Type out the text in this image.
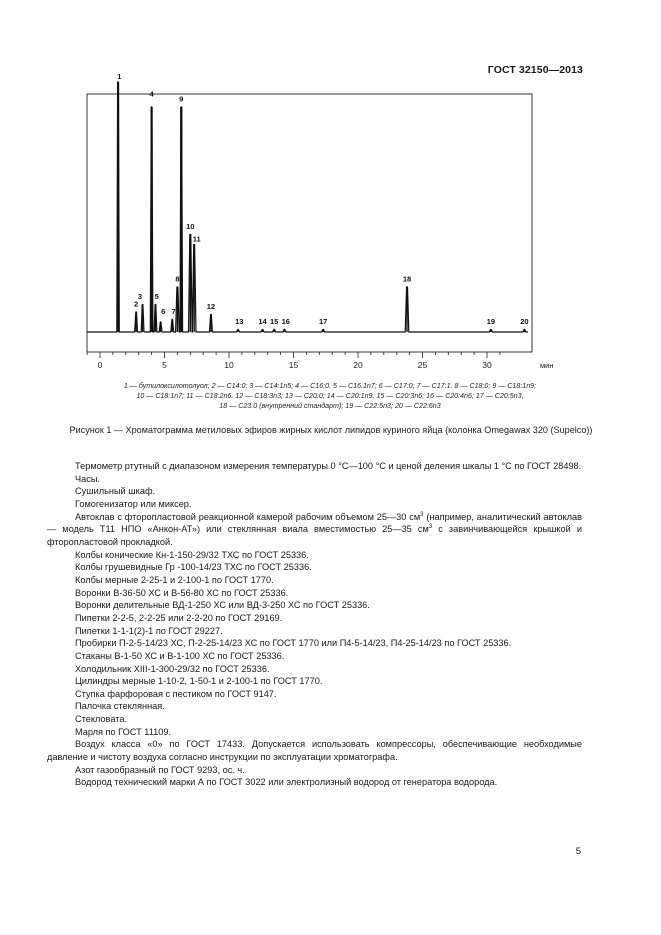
ГОСТ 32150—2013
0	5	10	15	20	25	30	мин
1
2
3
4
5
6 7
8
9
10
11
12
13 14 15 16	17
18
19	20
1 — бутилоксилотолуол; 2 — C14:0; 3 — C14:1n5; 4 — C16:0. 5 — C16.1n7; 6 — C17:0; 7 — C17:1. 8 — C18:0; 9 — C18:1n9;
10 — C18:1n7; 11 — C18:2n6. 12 — C18:3n3; 13 — C20:0; 14 — C20:1n9. 15 — C20:3n6; 16 — C20:4n6; 17 — C20:5n3,
18 — C23.0 (внутренний стандарт); 19 — C22:5n3; 20 — C22:6n3
Рисунок 1 — Хроматограмма метиловых эфиров жирных кислот липидов куриного яйца (колонка Omegawax 320 (Supelco))

Термометр ртутный с диапазоном измерения температуры 0 °С—100 °С и ценой деления шкалы 1 °С по ГОСТ 28498.

Часы.

Сушильный шкаф.

Гомогенизатор или миксер.

Автоклав с фторопластовой реакционной камерой рабочим объемом 25—30 $см^3$ (например, аналитический автоклав — модель Т11 НПО «Анкон-АТ») или стеклянная виала вместимостью 25—35 $см^3$ с завинчивающейся крышкой и фторопластовой прокладкой.

Колбы конические Кн-1-150-29/32 ТХС по ГОСТ 25336.

Колбы грушевидные Гр -100-14/23 ТХС по ГОСТ 25336.

Колбы мерные 2-25-1 и 2-100-1 по ГОСТ 1770.

Воронки В-36-50 ХС и В-56-80 ХС по ГОСТ 25336.

Воронки делительные ВД-1-250 ХС или ВД-3-250 ХС по ГОСТ 25336.

Пипетки 2-2-5, 2-2-25 или 2-2-20 по ГОСТ 29169.

Пипетки 1-1-1(2)-1 по ГОСТ 29227.

Пробирки П-2-5-14/23 ХС, П-2-25-14/23 ХС по ГОСТ 1770 или П4-5-14/23, П4-25-14/23 по ГОСТ 25336.

Стаканы В-1-50 ХС и В-1-100 ХС по ГОСТ 25336.

Холодильник ХIII-1-300-29/32 по ГОСТ 25336.

Цилиндры мерные 1-10-2, 1-50-1 и 2-100-1 по ГОСТ 1770.

Ступка фарфоровая с пестиком по ГОСТ 9147.

Палочка стеклянная.

Стекловата.

Марля по ГОСТ 11109.

Воздух класса «0» по ГОСТ 17433. Допускается использовать компрессоры, обеспечивающие необходимые давление и чистоту воздуха согласно инструкции по эксплуатации хроматографа.

Азот газообразный по ГОСТ 9293, ос. ч.

Водород технический марки А по ГОСТ 3022 или электролизный водород от генератора водорода.

5
